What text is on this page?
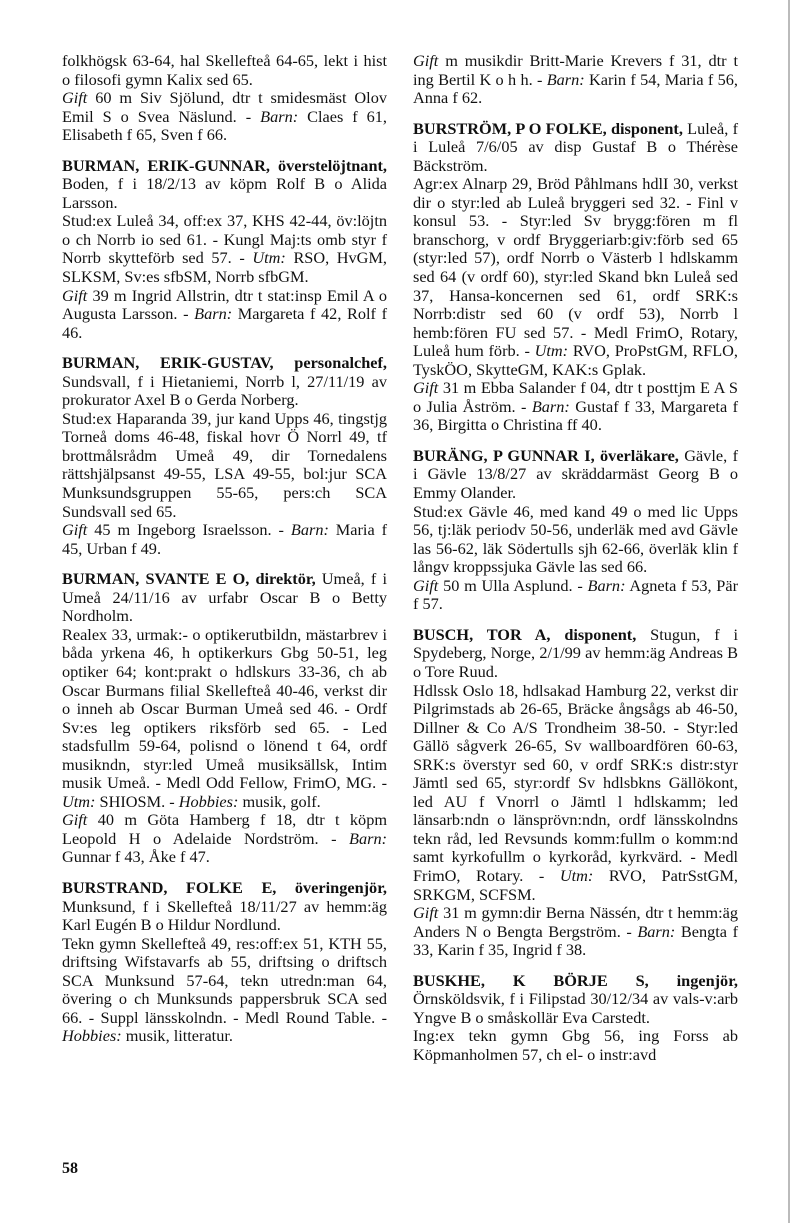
folkhögsk 63-64, hal Skellefteå 64-65, lekt i hist o filosofi gymn Kalix sed 65.

Gift 60 m Siv Sjölund, dtr t smidesmäst Olov Emil S o Svea Näslund. - Barn: Claes f 61, Elisabeth f 65, Sven f 66.

BURMAN, ERIK-GUNNAR, överstelöjtnant, Boden, f i 18/2/13 av köpm Rolf B o Alida Larsson.

Stud:ex Luleå 34, off:ex 37, KHS 42-44, öv:löjtn o ch Norrb io sed 61. - Kungl Maj:ts omb styr f Norrb skytteförb sed 57. - Utm: RSO, HvGM, SLKSM, Sv:es sfbSM, Norrb sfbGM.

Gift 39 m Ingrid Allstrin, dtr t stat:insp Emil A o Augusta Larsson. - Barn: Margareta f 42, Rolf f 46.

BURMAN, ERIK-GUSTAV, personalchef, Sundsvall, f i Hietaniemi, Norrb l, 27/11/19 av prokurator Axel B o Gerda Norberg.

Stud:ex Haparanda 39, jur kand Upps 46, tingstjg Torneå doms 46-48, fiskal hovr Ö Norrl 49, tf brottmålsrådm Umeå 49, dir Tornedalens rättshjälpsanst 49-55, LSA 49-55, bol:jur SCA Munksundsgruppen 55-65, pers:ch SCA Sundsvall sed 65.

Gift 45 m Ingeborg Israelsson. - Barn: Maria f 45, Urban f 49.

BURMAN, SVANTE E O, direktör, Umeå, f i Umeå 24/11/16 av urfabr Oscar B o Betty Nordholm.

Realex 33, urmak:- o optikerutbildn, mästarbrev i båda yrkena 46, h optikerkurs Gbg 50-51, leg optiker 64; kont:prakt o hdlskurs 33-36, ch ab Oscar Burmans filial Skellefteå 40-46, verkst dir o inneh ab Oscar Burman Umeå sed 46. - Ordf Sv:es leg optikers riksförb sed 65. - Led stadsfullm 59-64, polisnd o lönend t 64, ordf musikndn, styr:led Umeå musiksällsk, Intim musik Umeå. - Medl Odd Fellow, FrimO, MG. - Utm: SHIOSM. - Hobbies: musik, golf.

Gift 40 m Göta Hamberg f 18, dtr t köpm Leopold H o Adelaide Nordström. - Barn: Gunnar f 43, Åke f 47.

BURSTRAND, FOLKE E, överingenjör, Munksund, f i Skellefteå 18/11/27 av hemm:äg Karl Eugén B o Hildur Nordlund.

Tekn gymn Skellefteå 49, res:off:ex 51, KTH 55, driftsing Wifstavarfs ab 55, driftsing o driftsch SCA Munksund 57-64, tekn utredn:man 64, övering o ch Munksunds pappersbruk SCA sed 66. - Suppl länsskolndn. - Medl Round Table. - Hobbies: musik, litteratur.

Gift m musikdir Britt-Marie Krevers f 31, dtr t ing Bertil K o h h. - Barn: Karin f 54, Maria f 56, Anna f 62.

BURSTRÖM, P O FOLKE, disponent, Luleå, f i Luleå 7/6/05 av disp Gustaf B o Thérèse Bäckström.

Agr:ex Alnarp 29, Bröd Påhlmans hdlI 30, verkst dir o styr:led ab Luleå bryggeri sed 32. - Finl v konsul 53. - Styr:led Sv brygg:fören m fl branschorg, v ordf Bryggeriarb:giv:förb sed 65 (styr:led 57), ordf Norrb o Västerb l hdlskamm sed 64 (v ordf 60), styr:led Skand bkn Luleå sed 37, Hansa-koncernen sed 61, ordf SRK:s Norrb:distr sed 60 (v ordf 53), Norrb l hemb:fören FU sed 57. - Medl FrimO, Rotary, Luleå hum förb. - Utm: RVO, ProPstGM, RFLO, TyskÖO, SkytteGM, KAK:s Gplak.

Gift 31 m Ebba Salander f 04, dtr t posttjm E A S o Julia Åström. - Barn: Gustaf f 33, Margareta f 36, Birgitta o Christina ff 40.

BURÄNG, P GUNNAR I, överläkare, Gävle, f i Gävle 13/8/27 av skräddarmäst Georg B o Emmy Olander.

Stud:ex Gävle 46, med kand 49 o med lic Upps 56, tj:läk periodv 50-56, underläk med avd Gävle las 56-62, läk Södertulls sjh 62-66, överläk klin f långv kroppssjuka Gävle las sed 66.

Gift 50 m Ulla Asplund. - Barn: Agneta f 53, Pär f 57.

BUSCH, TOR A, disponent, Stugun, f i Spydeberg, Norge, 2/1/99 av hemm:äg Andreas B o Tore Ruud.

Hdlssk Oslo 18, hdlsakad Hamburg 22, verkst dir Pilgrimstads ab 26-65, Bräcke ångsågs ab 46-50, Dillner & Co A/S Trondheim 38-50. - Styr:led Gällö sågverk 26-65, Sv wallboardfören 60-63, SRK:s överstyr sed 60, v ordf SRK:s distr:styr Jämtl sed 65, styr:ordf Sv hdlsbkns Gällökont, led AU f Vnorrl o Jämtl l hdlskamm; led länsarb:ndn o länsprövn:ndn, ordf länsskolndns tekn råd, led Revsunds komm:fullm o komm:nd samt kyrkofullm o kyrkoråd, kyrkvärd. - Medl FrimO, Rotary. - Utm: RVO, PatrSstGM, SRKGM, SCFSM.

Gift 31 m gymn:dir Berna Nässén, dtr t hemm:äg Anders N o Bengta Bergström. - Barn: Bengta f 33, Karin f 35, Ingrid f 38.

BUSKHE, K BÖRJE S, ingenjör, Örnsköldsvik, f i Filipstad 30/12/34 av vals-v:arb Yngve B o småskollär Eva Carstedt.

Ing:ex tekn gymn Gbg 56, ing Forss ab Köpmanholmen 57, ch el- o instr:avd

58
